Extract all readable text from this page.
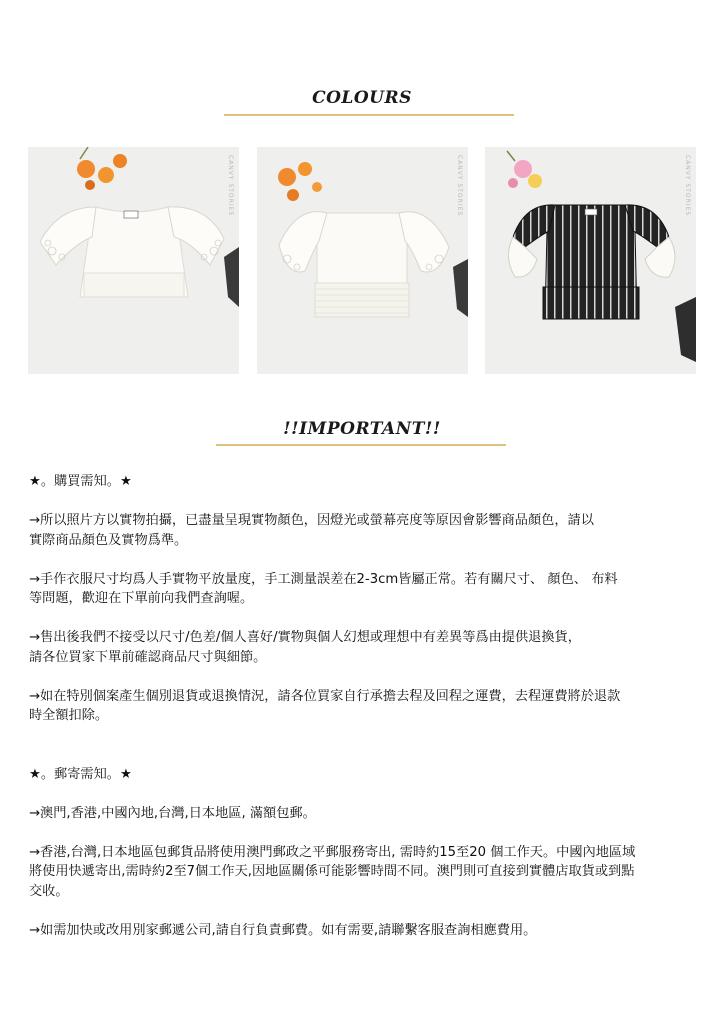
COLOURS
CANVY STORIES	CANVY STORIES	CANVY STORIES
!!IMPORTANT!!

★。購買需知。★

→所以照片方以實物拍攝，已盡量呈現實物顏色，因燈光或螢幕亮度等原因會影響商品顏色，請以

實際商品顏色及實物爲準。

→手作衣服尺寸均爲人手實物平放量度，手工測量誤差在2-3cm皆屬正常。若有關尺寸、 顏色、 布料

等問題，歡迎在下單前向我們查詢喔。

→售出後我們不接受以尺寸/色差/個人喜好/實物與個人幻想或理想中有差異等爲由提供退換貨，

請各位買家下單前確認商品尺寸與細節。

→如在特別個案產生個別退貨或退換情況，請各位買家自行承擔去程及回程之運費，去程運費將於退款

時全額扣除。

★。郵寄需知。★

→澳門,香港,中國內地,台灣,日本地區, 滿額包郵。

→香港,台灣,日本地區包郵貨品將使用澳門郵政之平郵服務寄出, 需時約15至20 個工作天。中國內地區域

將使用快遞寄出,需時約2至7個工作天,因地區關係可能影響時間不同。澳門則可直接到實體店取貨或到點

交收。

→如需加快或改用別家郵遞公司,請自行負責郵費。如有需要,請聯繫客服查詢相應費用。
